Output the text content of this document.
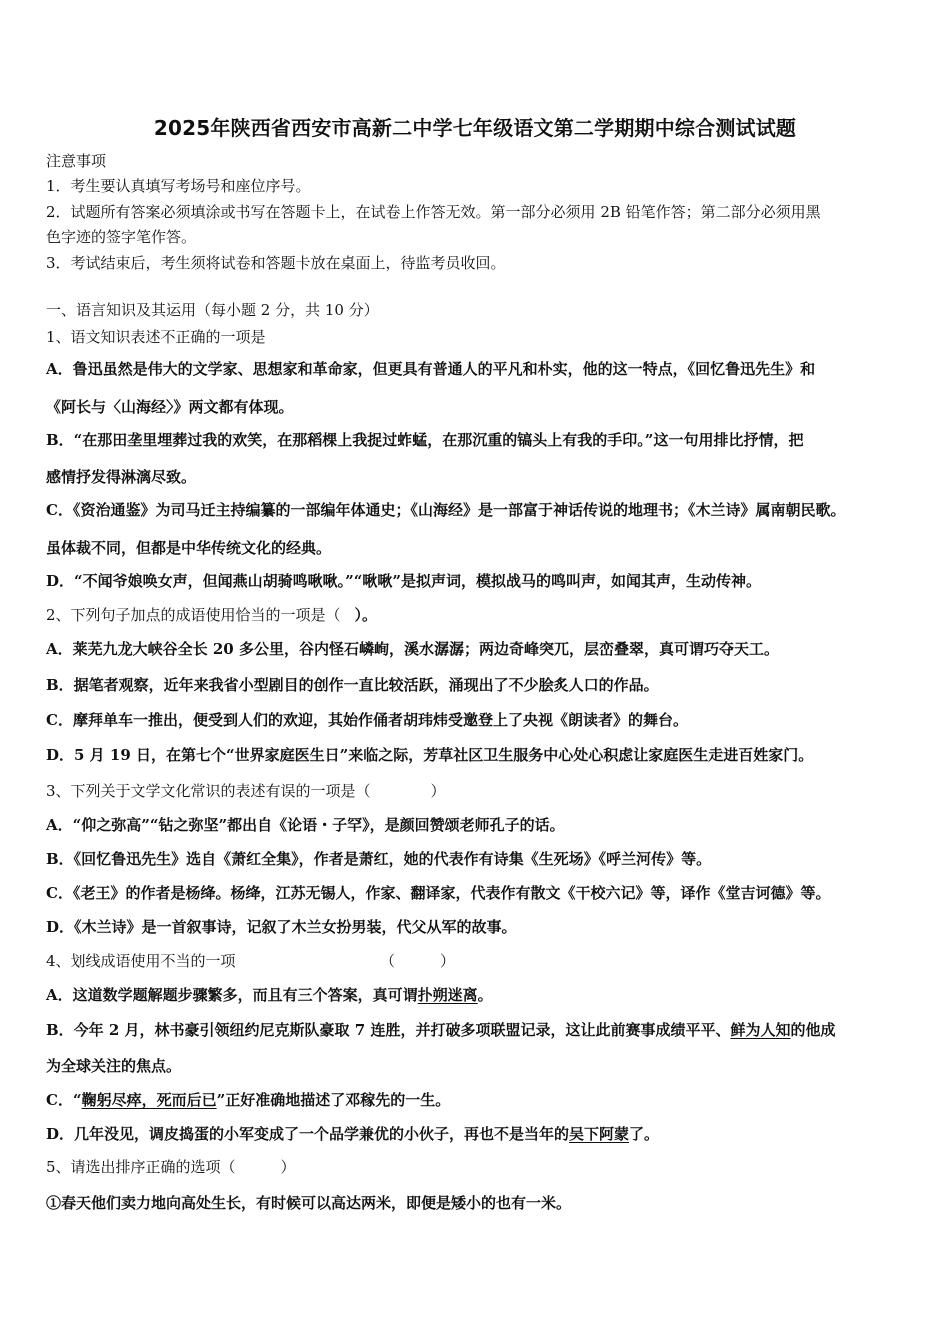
2025年陕西省西安市高新二中学七年级语文第二学期期中综合测试试题
注意事项
1．考生要认真填写考场号和座位序号。
2．试题所有答案必须填涂或书写在答题卡上，在试卷上作答无效。第一部分必须用 2B 铅笔作答；第二部分必须用黑
色字迹的签字笔作答。
3．考试结束后，考生须将试卷和答题卡放在桌面上，待监考员收回。
一、语言知识及其运用（每小题 2 分，共 10 分）
1、语文知识表述不正确的一项是
A．鲁迅虽然是伟大的文学家、思想家和革命家，但更具有普通人的平凡和朴实，他的这一特点，《回忆鲁迅先生》和
《阿长与〈山海经〉》两文都有体现。
B．“在那田垄里埋葬过我的欢笑，在那稻棵上我捉过蚱蜢，在那沉重的镐头上有我的手印。”这一句用排比抒情，把
感情抒发得淋漓尽致。
C．《资治通鉴》为司马迁主持编纂的一部编年体通史；《山海经》是一部富于神话传说的地理书；《木兰诗》属南朝民歌。
虽体裁不同，但都是中华传统文化的经典。
D．“不闻爷娘唤女声，但闻燕山胡骑鸣啾啾。”“啾啾”是拟声词，模拟战马的鸣叫声，如闻其声，生动传神。
2、下列句子加点的成语使用恰当的一项是（ ）。
A．莱芜九龙大峡谷全长 20 多公里，谷内怪石嶙峋，溪水潺潺；两边奇峰突兀，层峦叠翠，真可谓巧夺天工。
B．据笔者观察，近年来我省小型剧目的创作一直比较活跃，涌现出了不少脍炙人口的作品。
C．摩拜单车一推出，便受到人们的欢迎，其始作俑者胡玮炜受邀登上了央视《朗读者》的舞台。
D．5 月 19 日，在第七个“世界家庭医生日”来临之际，芳草社区卫生服务中心处心积虑让家庭医生走进百姓家门。
3、下列关于文学文化常识的表述有误的一项是（　　　　）
A．“仰之弥高”“钻之弥坚”都出自《论语・子罕》，是颜回赞颂老师孔子的话。
B．《回忆鲁迅先生》选自《萧红全集》，作者是萧红，她的代表作有诗集《生死场》《呼兰河传》等。
C．《老王》的作者是杨绛。杨绛，江苏无锡人，作家、翻译家，代表作有散文《干校六记》等，译作《堂吉诃德》等。
D．《木兰诗》是一首叙事诗，记叙了木兰女扮男装，代父从军的故事。
4、划线成语使用不当的一项	（　　　）
A．这道数学题解题步骤繁多，而且有三个答案，真可谓扑朔迷离。
B．今年 2 月，林书豪引领纽约尼克斯队豪取 7 连胜，并打破多项联盟记录，这让此前赛事成绩平平、鲜为人知的他成
为全球关注的焦点。
C．“鞠躬尽瘁，死而后已”正好准确地描述了邓稼先的一生。
D．几年没见，调皮捣蛋的小军变成了一个品学兼优的小伙子，再也不是当年的吴下阿蒙了。
5、请选出排序正确的选项（　　　）
①春天他们卖力地向高处生长，有时候可以高达两米，即便是矮小的也有一米。
